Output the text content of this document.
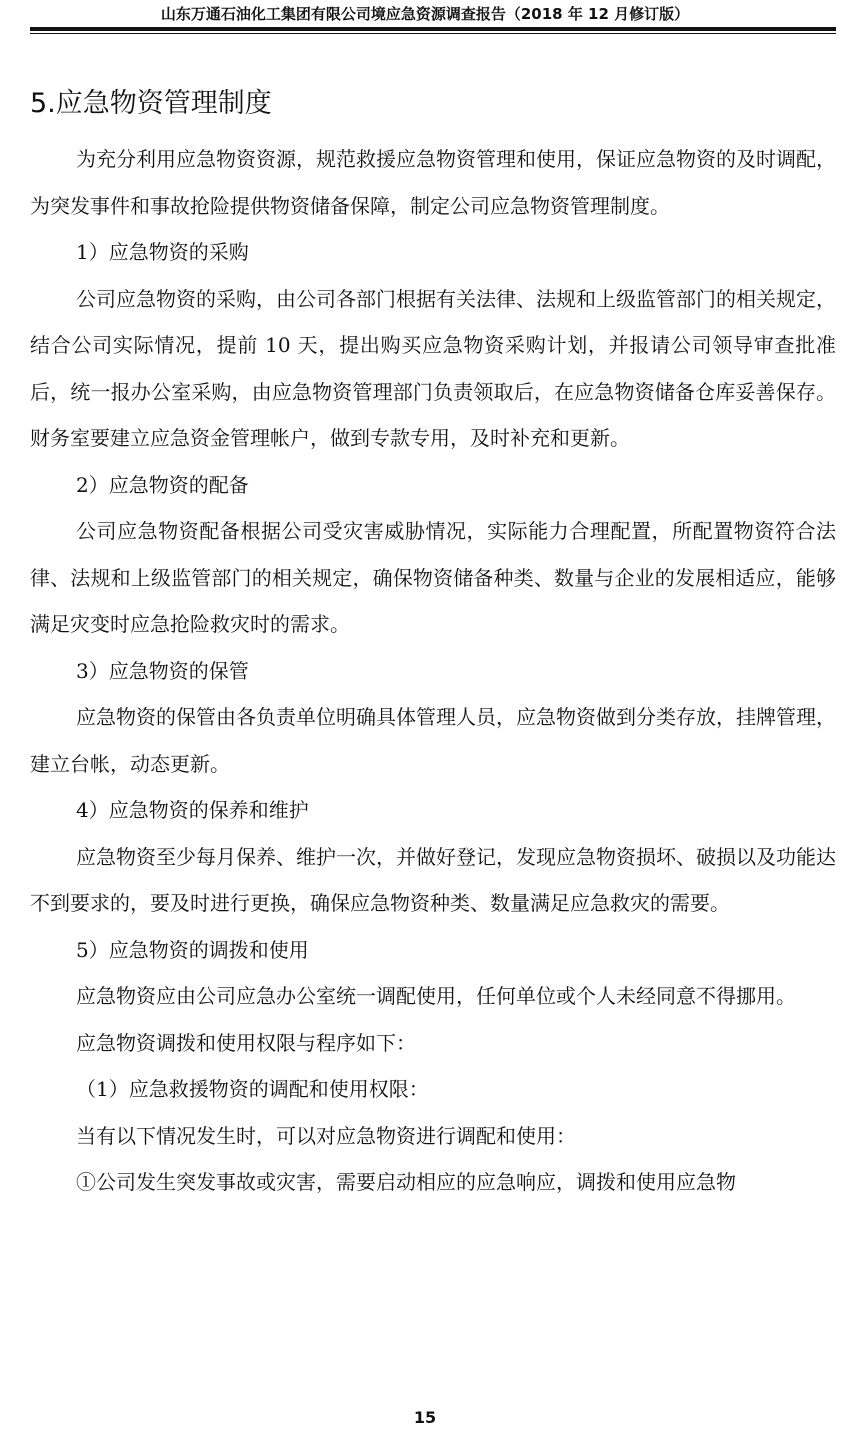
山东万通石油化工集团有限公司境应急资源调查报告（2018 年 12 月修订版）
5.应急物资管理制度

为充分利用应急物资资源，规范救援应急物资管理和使用，保证应急物资的及时调配，为突发事件和事故抢险提供物资储备保障，制定公司应急物资管理制度。

1）应急物资的采购

公司应急物资的采购，由公司各部门根据有关法律、法规和上级监管部门的相关规定，结合公司实际情况，提前 10 天，提出购买应急物资采购计划，并报请公司领导审查批准后，统一报办公室采购，由应急物资管理部门负责领取后，在应急物资储备仓库妥善保存。财务室要建立应急资金管理帐户，做到专款专用，及时补充和更新。

2）应急物资的配备

公司应急物资配备根据公司受灾害威胁情况，实际能力合理配置，所配置物资符合法律、法规和上级监管部门的相关规定，确保物资储备种类、数量与企业的发展相适应，能够满足灾变时应急抢险救灾时的需求。

3）应急物资的保管

应急物资的保管由各负责单位明确具体管理人员，应急物资做到分类存放，挂牌管理，建立台帐，动态更新。

4）应急物资的保养和维护

应急物资至少每月保养、维护一次，并做好登记，发现应急物资损坏、破损以及功能达不到要求的，要及时进行更换，确保应急物资种类、数量满足应急救灾的需要。

5）应急物资的调拨和使用

应急物资应由公司应急办公室统一调配使用，任何单位或个人未经同意不得挪用。

应急物资调拨和使用权限与程序如下：

（1）应急救援物资的调配和使用权限：

当有以下情况发生时，可以对应急物资进行调配和使用：

①公司发生突发事故或灾害，需要启动相应的应急响应，调拨和使用应急物

15
